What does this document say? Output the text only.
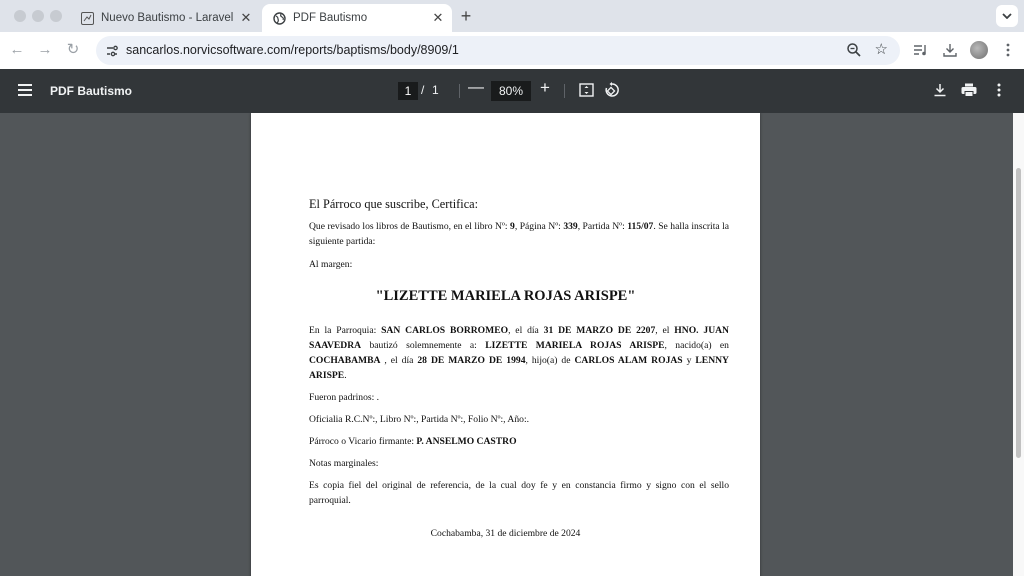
Nuevo Bautismo - Laravel ✕	PDF Bautismo	✕ +
← → ↻	sancarlos.norvicsoftware.com/reports/baptisms/body/8909/1	☆
PDF Bautismo	1 / 1 —	80% +
El Párroco que suscribe, Certifica:
Que revisado los libros de Bautismo, en el libro Nº: 9, Página Nº: 339, Partida Nº: 115/07. Se halla inscrita la siguiente partida:
Al margen:
"LIZETTE MARIELA ROJAS ARISPE"
En la Parroquia: SAN CARLOS BORROMEO, el día 31 DE MARZO DE 2207, el HNO. JUAN SAAVEDRA bautizó solemnemente a: LIZETTE MARIELA ROJAS ARISPE, nacido(a) en COCHABAMBA , el día 28 DE MARZO DE 1994, hijo(a) de CARLOS ALAM ROJAS y LENNY ARISPE.
Fueron padrinos: .
Oficialia R.C.Nº:, Libro Nº:, Partida Nº:, Folio Nº:, Año:.
Párroco o Vicario firmante: P. ANSELMO CASTRO
Notas marginales:
Es copia fiel del original de referencia, de la cual doy fe y en constancia firmo y signo con el sello parroquial.
Cochabamba, 31 de diciembre de 2024
